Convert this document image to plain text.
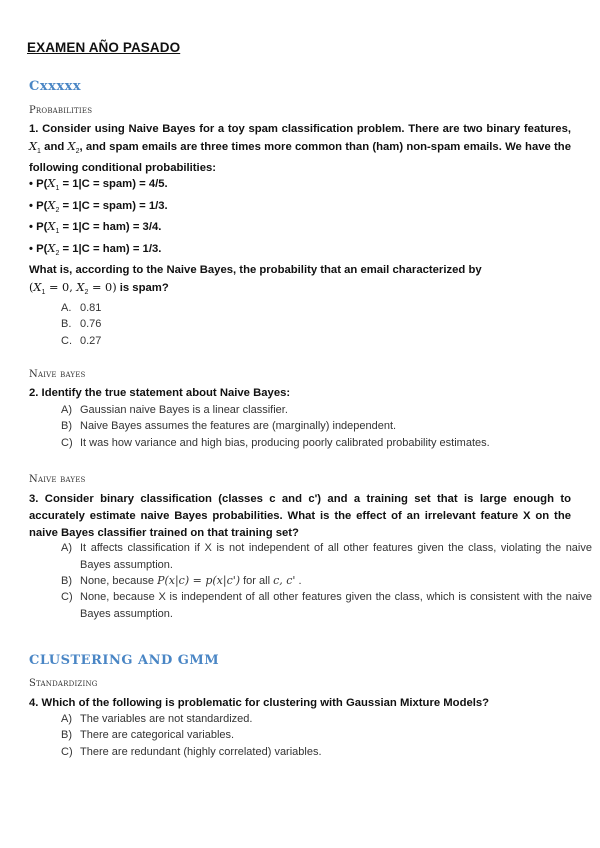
EXAMEN AÑO PASADO
Cxxxxx
Probabilities
1. Consider using Naive Bayes for a toy spam classification problem. There are two binary features, $X_1$ and $X_2$, and spam emails are three times more common than (ham) non-spam emails. We have the following conditional probabilities:
• $P(X_1 = 1|C$ = spam) = 4/5.
• $P(X_2 = 1|C$ = spam) = 1/3.
• $P(X_1 = 1|C = ham) = 3/4$.
• $P(X_2 = 1|C = ham) = 1/3$.
What is, according to the Naive Bayes, the probability that an email characterized by
($X_1 = 0$, $X_2 = 0$) is spam?
A. 0.81
B. 0.76
C. 0.27
Naive bayes
2. Identify the true statement about Naive Bayes:
A) Gaussian naive Bayes is a linear classifier.
B) Naive Bayes assumes the features are (marginally) independent.
C) It was how variance and high bias, producing poorly calibrated probability estimates.
Naive bayes
3. Consider binary classification (classes c and c') and a training set that is large enough to accurately estimate naive Bayes probabilities. What is the effect of an irrelevant feature X on the naive Bayes classifier trained on that training set?
A) It affects classification if X is not independent of all other features given the class, violating the naive Bayes assumption.
B) None, because P(x|c) = p(x|c') for all c, c' .
C) None, because X is independent of all other features given the class, which is consistent with the naive Bayes assumption.
CLUSTERING AND GMM
Standardizing
4. Which of the following is problematic for clustering with Gaussian Mixture Models?
A) The variables are not standardized.
B) There are categorical variables.
C) There are redundant (highly correlated) variables.
